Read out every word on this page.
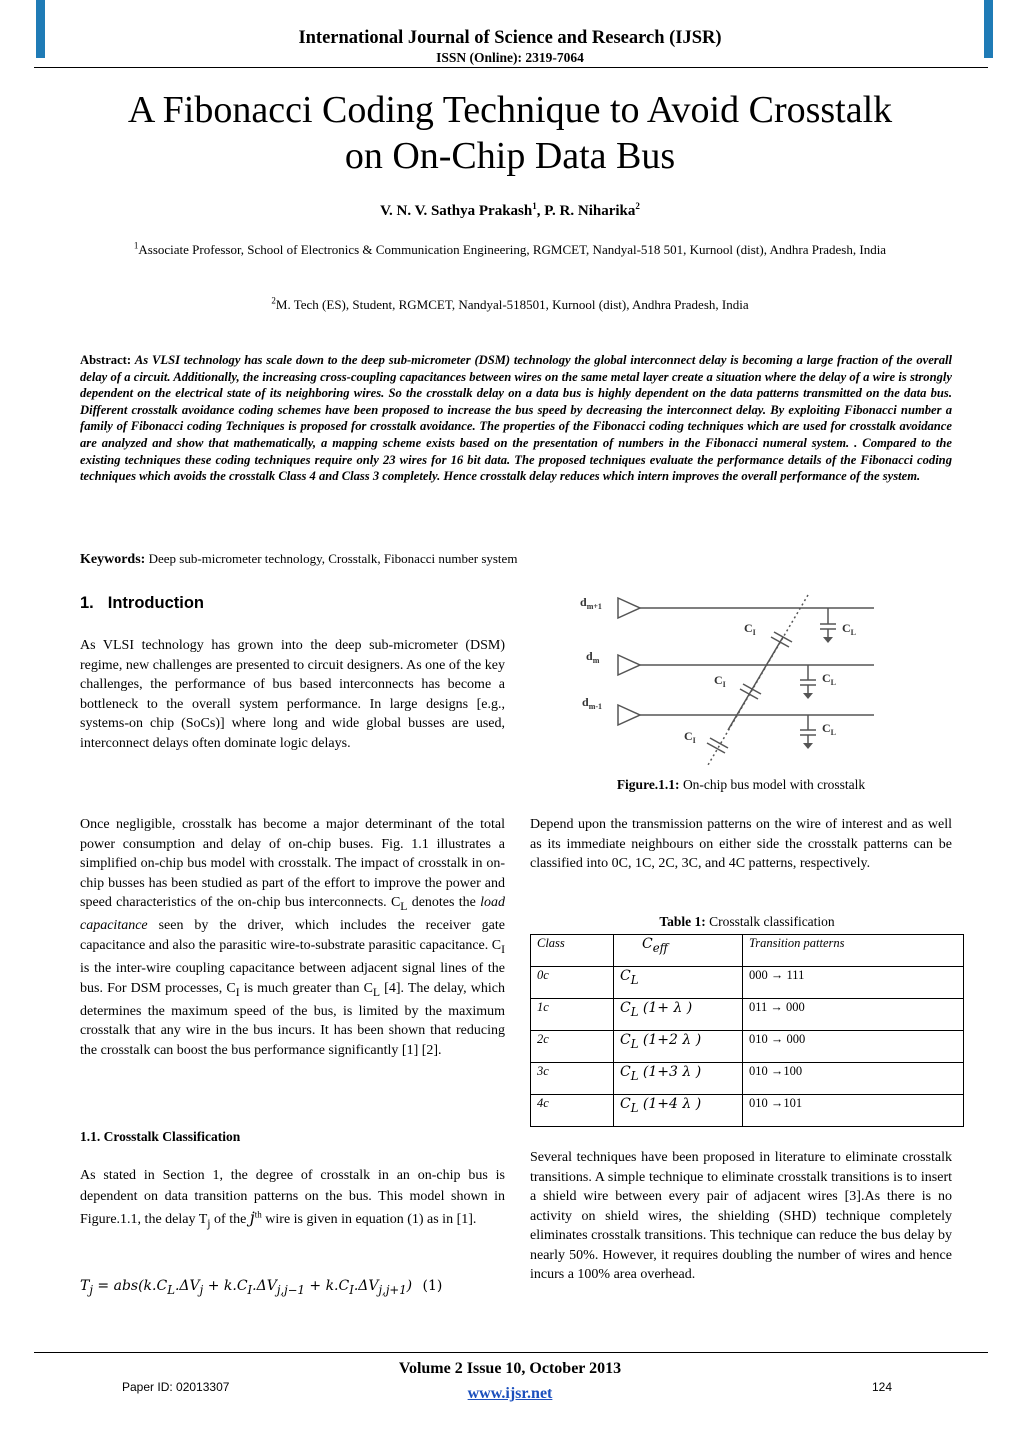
International Journal of Science and Research (IJSR)
ISSN (Online): 2319-7064
A Fibonacci Coding Technique to Avoid Crosstalk
on On-Chip Data Bus
V. N. V. Sathya Prakash$^1$, P. R. Niharika$^2$
$^1$Associate Professor, School of Electronics & Communication Engineering, RGMCET, Nandyal-518 501, Kurnool (dist), Andhra Pradesh, India
$^2$M. Tech (ES), Student, RGMCET, Nandyal-518501, Kurnool (dist), Andhra Pradesh, India
Abstract: As VLSI technology has scale down to the deep sub-micrometer (DSM) technology the global interconnect delay is becoming a large fraction of the overall delay of a circuit. Additionally, the increasing cross-coupling capacitances between wires on the same metal layer create a situation where the delay of a wire is strongly dependent on the electrical state of its neighboring wires. So the crosstalk delay on a data bus is highly dependent on the data patterns transmitted on the data bus. Different crosstalk avoidance coding schemes have been proposed to increase the bus speed by decreasing the interconnect delay. By exploiting Fibonacci number a family of Fibonacci coding Techniques is proposed for crosstalk avoidance. The properties of the Fibonacci coding techniques which are used for crosstalk avoidance are analyzed and show that mathematically, a mapping scheme exists based on the presentation of numbers in the Fibonacci numeral system. . Compared to the existing techniques these coding techniques require only 23 wires for 16 bit data. The proposed techniques evaluate the performance details of the Fibonacci coding techniques which avoids the crosstalk Class 4 and Class 3 completely. Hence crosstalk delay reduces which intern improves the overall performance of the system.
Keywords: Deep sub-micrometer technology, Crosstalk, Fibonacci number system
1. Introduction
As VLSI technology has grown into the deep sub-micrometer (DSM) regime, new challenges are presented to circuit designers. As one of the key challenges, the performance of bus based interconnects has become a bottleneck to the overall system performance. In large designs [e.g., systems-on chip (SoCs)] where long and wide global busses are used, interconnect delays often dominate logic delays.
Once negligible, crosstalk has become a major determinant of the total power consumption and delay of on-chip buses. Fig. 1.1 illustrates a simplified on-chip bus model with crosstalk. The impact of crosstalk in on-chip busses has been studied as part of the effort to improve the power and speed characteristics of the on-chip bus interconnects. $C_L$ denotes the load capacitance seen by the driver, which includes the receiver gate capacitance and also the parasitic wire-to-substrate parasitic capacitance. $C_I$ is the inter-wire coupling capacitance between adjacent signal lines of the bus. For DSM processes, $C_I$ is much greater than $C_L$ [4]. The delay, which determines the maximum speed of the bus, is limited by the maximum crosstalk that any wire in the bus incurs. It has been shown that reducing the crosstalk can boost the bus performance significantly [1] [2].
1.1. Crosstalk Classification
As stated in Section 1, the degree of crosstalk in an on-chip bus is dependent on data transition patterns on the bus. This model shown in Figure.1.1, the delay $T_j$ of the $j^{th}$ wire is given in equation (1) as in [1].
$T_j = abs(k.C_L.\Delta V_j + k.C_I.\Delta V_{j,j-1} + k.C_I.\Delta V_{j,j+1})$ (1)
$d_{m+1}$
$d_m$
$d_{m-1}$
$C_I$
$C_I$
$C_I$
$C_L$
$C_L$
$C_L$
Figure.1.1: On-chip bus model with crosstalk
Depend upon the transmission patterns on the wire of interest and as well as its immediate neighbours on either side the crosstalk patterns can be classified into 0C, 1C, 2C, 3C, and 4C patterns, respectively.
Table 1: Crosstalk classification
Class	$C_{eff}$	Transition patterns
0c	$C_L$	000 → 111
1c	$C_L$ (1+ λ )	011 → 000
2c	$C_L$ (1+2 λ )	010 → 000
3c	$C_L$ (1+3 λ )	010 →100
4c	$C_L$ (1+4 λ )	010 →101
Several techniques have been proposed in literature to eliminate crosstalk transitions. A simple technique to eliminate crosstalk transitions is to insert a shield wire between every pair of adjacent wires [3].As there is no activity on shield wires, the shielding (SHD) technique completely eliminates crosstalk transitions. This technique can reduce the bus delay by nearly 50%. However, it requires doubling the number of wires and hence incurs a 100% area overhead.
Volume 2 Issue 10, October 2013
www.ijsr.net
Paper ID: 02013307	124
